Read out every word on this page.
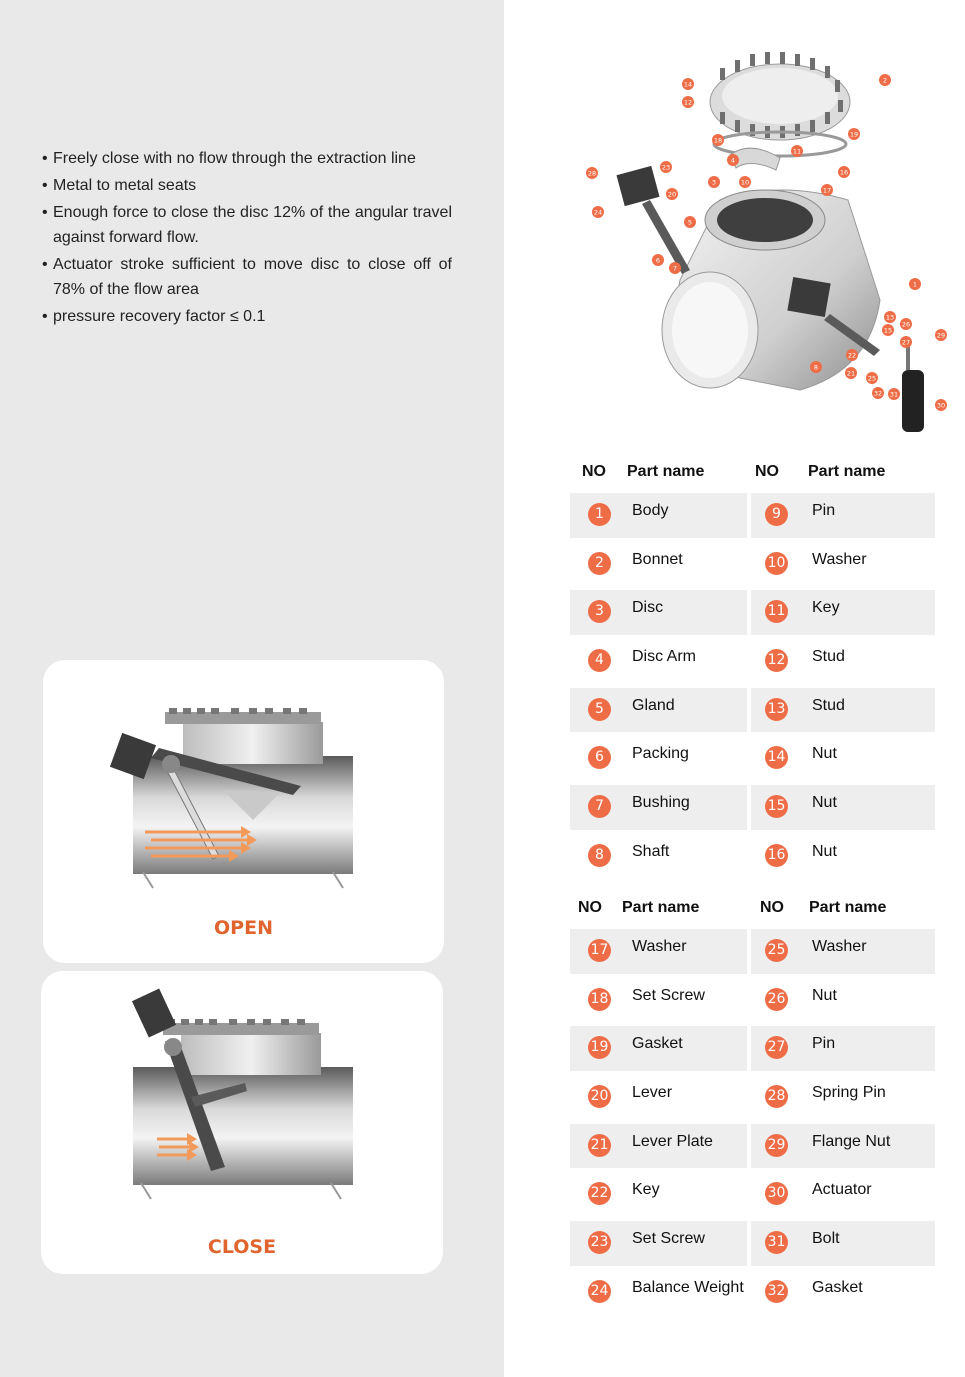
• Freely close with no flow through the extraction line
• Metal to metal seats
• Enough force to close the disc 12% of the angular travel against forward flow.
• Actuator stroke sufficient to move disc to close off of 78% of the flow area
• pressure recovery factor ≤ 0.1
OPEN
CLOSE
1
2
3
4
5
6
7
8
10
11
12
13
14
15
16
17
18
19
20
21
22
23
24
25
26
27
28
29
30
31
32
NO Part name	NO Part name
1	Body	9	Pin
2	Bonnet	10 Washer
3	Disc	11 Key
4	Disc Arm	12 Stud
5	Gland	13 Stud
6	Packing	14 Nut
7	Bushing	15 Nut
8	Shaft	16 Nut
NO Part name	NO Part name
17 Washer	25 Washer
18 Set Screw	26 Nut
19 Gasket	27 Pin
20 Lever	28 Spring Pin
21 Lever Plate	29 Flange Nut
22 Key	30 Actuator
23 Set Screw	31 Bolt
24 Balance Weight 32 Gasket
